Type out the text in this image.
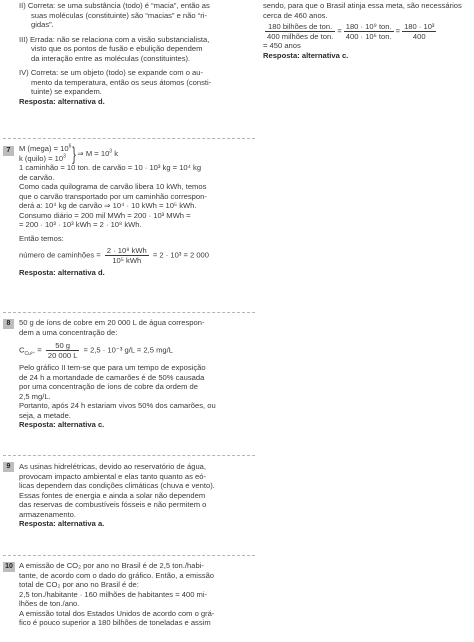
II) Correta: se uma substância (todo) é “macia”, então as

suas moléculas (constituinte) são “macias” e não “ri-

gidas”.

III) Errada: não se relaciona com a visão substancialista,

visto que os pontos de fusão e ebulição dependem

da interação entre as moléculas (constituintes).

IV) Correta: se um objeto (todo) se expande com o au-

mento da temperatura, então os seus átomos (consti-

tuinte) se expandem.

Resposta: alternativa d.

7	M (mega) = $10^6$

k (quilo) = $10^3$ } ⇒ $M = 10^3$ k

1 caminhão = 10 ton. de carvão = 10 · 10³ kg = 10⁴ kg

de carvão.

Como cada quilograma de carvão libera 10 kWh, temos

que o carvão transportado por um caminhão correspon-

derá a: 10⁴ kg de carvão ⇒ 10⁴ · 10 kWh = 10⁵ kWh.

Consumo diário = 200 mil MWh = 200 · 10³ MWh =

= 200 · 10³ · 10³ kWh = 2 · 10⁸ kWh.

Então temos:

número de caminhões = $\frac{\text{2 · 10⁸ kWh}}{\text{10⁵ kWh}} = 2 \cdot 10^3 = 2$ 000

Resposta: alternativa d.

8	50 g de íons de cobre em 20 000 L de água correspon-

dem a uma concentração de:

$C_{Cu^{2+}} = \frac{50 g}{20 000 L} = 2,5 \cdot 10^{-3}$ g/L = 2,5 mg/L

Pelo gráfico II tem-se que para um tempo de exposição

de 24 h a mortandade de camarões é de 50% causada

por uma concentração de íons de cobre da ordem de

2,5 mg/L.

Portanto, após 24 h estariam vivos 50% dos camarões, ou

seja, a metade.

Resposta: alternativa c.

9	As usinas hidrelétricas, devido ao reservatório de água,

provocam impacto ambiental e elas tanto quanto as eó-

licas dependem das condições climáticas (chuva e vento).

Essas fontes de energia e ainda a solar não dependem

das reservas de combustíveis fósseis e não permitem o

armazenamento.

Resposta: alternativa a.

10 A emissão de CO₂ por ano no Brasil é de 2,5 ton./habi-

tante, de acordo com o dado do gráfico. Então, a emissão

total de CO₂ por ano no Brasil é de:

2,5 ton./habitante · 160 milhões de habitantes = 400 mi-

lhões de ton./ano.

A emissão total dos Estados Unidos de acordo com o grá-

fico é pouco superior a 180 bilhões de toneladas e assim

sendo, para que o Brasil atinja essa meta, são necessários

cerca de 460 anos.

$\frac{\text{180 bilhões de ton.}}{\text{400 milhões de ton.}} = \frac{\text{180 · 10⁹ ton.}}{\text{400 · 10⁶ ton.}} = \frac{\text{180 · 10³}}{400}$

= 450 anos

Resposta: alternativa c.
